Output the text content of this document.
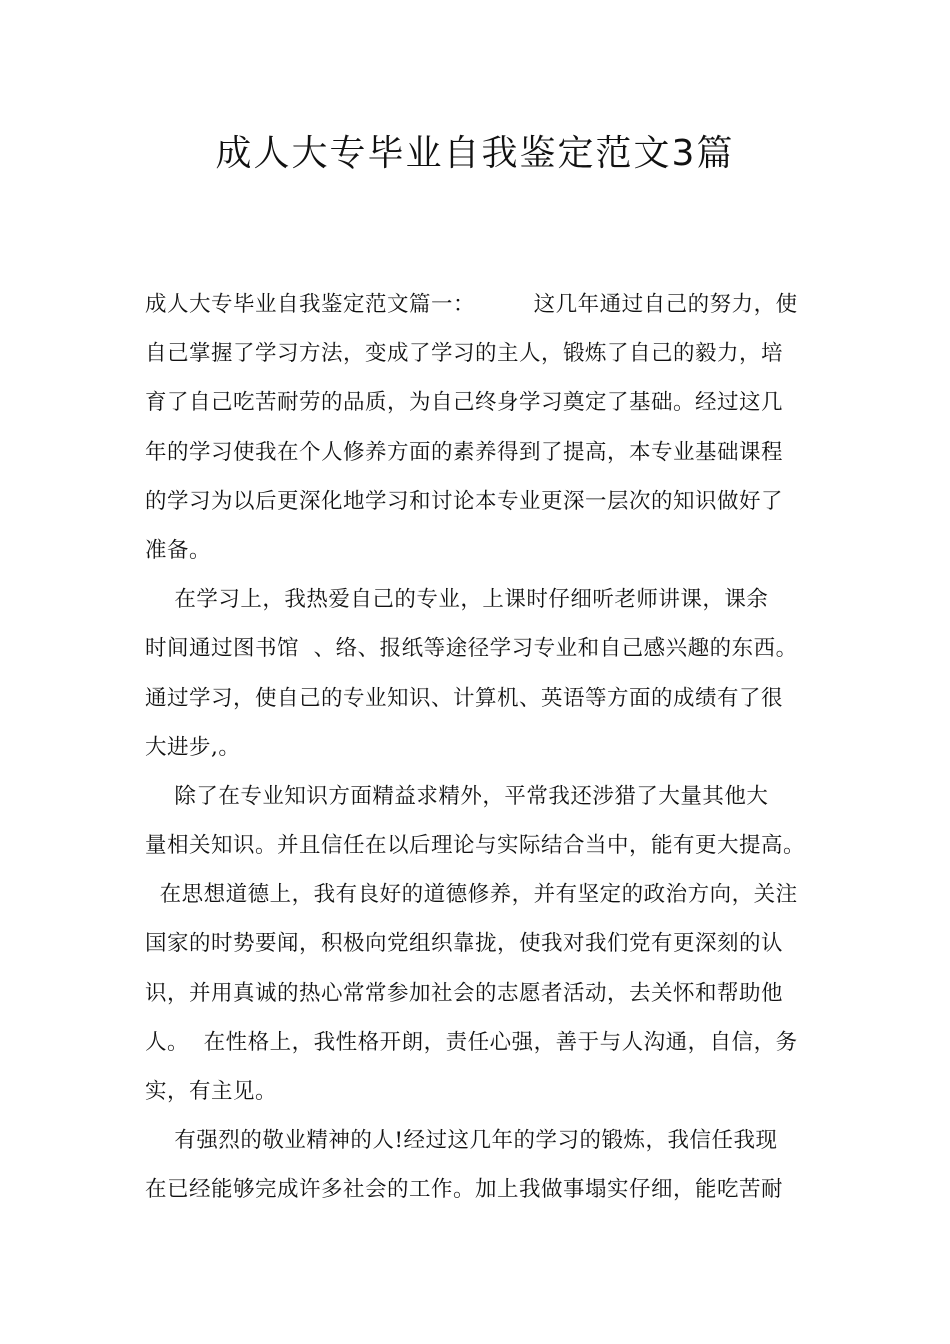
成人大专毕业自我鉴定范文3篇
成人大专毕业自我鉴定范文篇一：        这几年通过自己的努力，使
自己掌握了学习方法，变成了学习的主人，锻炼了自己的毅力，培
育了自己吃苦耐劳的品质，为自己终身学习奠定了基础。经过这几
年的学习使我在个人修养方面的素养得到了提高，本专业基础课程
的学习为以后更深化地学习和讨论本专业更深一层次的知识做好了
准备。
在学习上，我热爱自己的专业，上课时仔细听老师讲课，课余
时间通过图书馆  、络、报纸等途径学习专业和自己感兴趣的东西。
通过学习，使自己的专业知识、计算机、英语等方面的成绩有了很
大进步,。
除了在专业知识方面精益求精外，平常我还涉猎了大量其他大
量相关知识。并且信任在以后理论与实际结合当中，能有更大提高。
在思想道德上，我有良好的道德修养，并有坚定的政治方向，关注
国家的时势要闻，积极向党组织靠拢，使我对我们党有更深刻的认
识，并用真诚的热心常常参加社会的志愿者活动，去关怀和帮助他
人。  在性格上，我性格开朗，责任心强，善于与人沟通，自信，务
实，有主见。
有强烈的敬业精神的人!经过这几年的学习的锻炼，我信任我现
在已经能够完成许多社会的工作。加上我做事塌实仔细，能吃苦耐
